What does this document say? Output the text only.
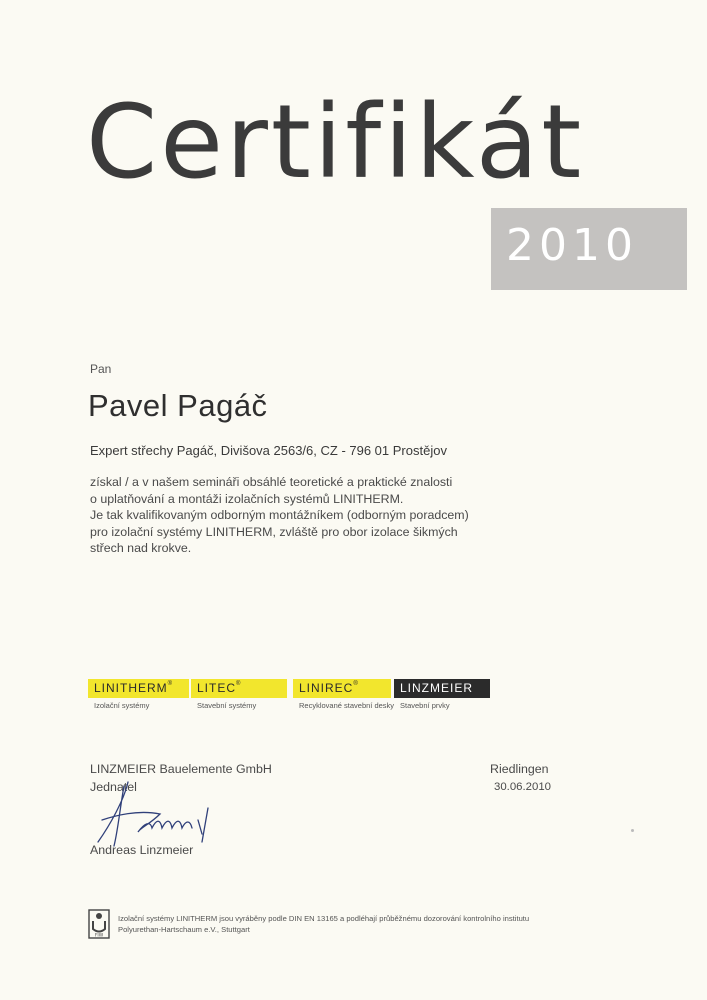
Certifikát
2010
Pan
Pavel Pagáč
Expert střechy Pagáč, Divišova 2563/6, CZ - 796 01 Prostějov

získal / a v našem semináři obsáhlé teoretické a praktické znalosti

o uplatňování a montáži izolačních systémů LINITHERM.

Je tak kvalifikovaným odborným montážníkem (odborným poradcem)

pro izolační systémy LINITHERM, zvláště pro obor izolace šikmých

střech nad krokve.

LINITHERM®
Izolační systémy
LITEC®
Stavební systémy
LINIREC®
Recyklované stavební desky
LINZMEIER
Stavební prvky
LINZMEIER Bauelemente GmbH
Jednatel
Andreas Linzmeier
Riedlingen
30.06.2010
FIW

Izolační systémy LINITHERM jsou vyráběny podle DIN EN 13165 a podléhají průběžnému dozorování kontrolního institutu

Polyurethan-Hartschaum e.V., Stuttgart
